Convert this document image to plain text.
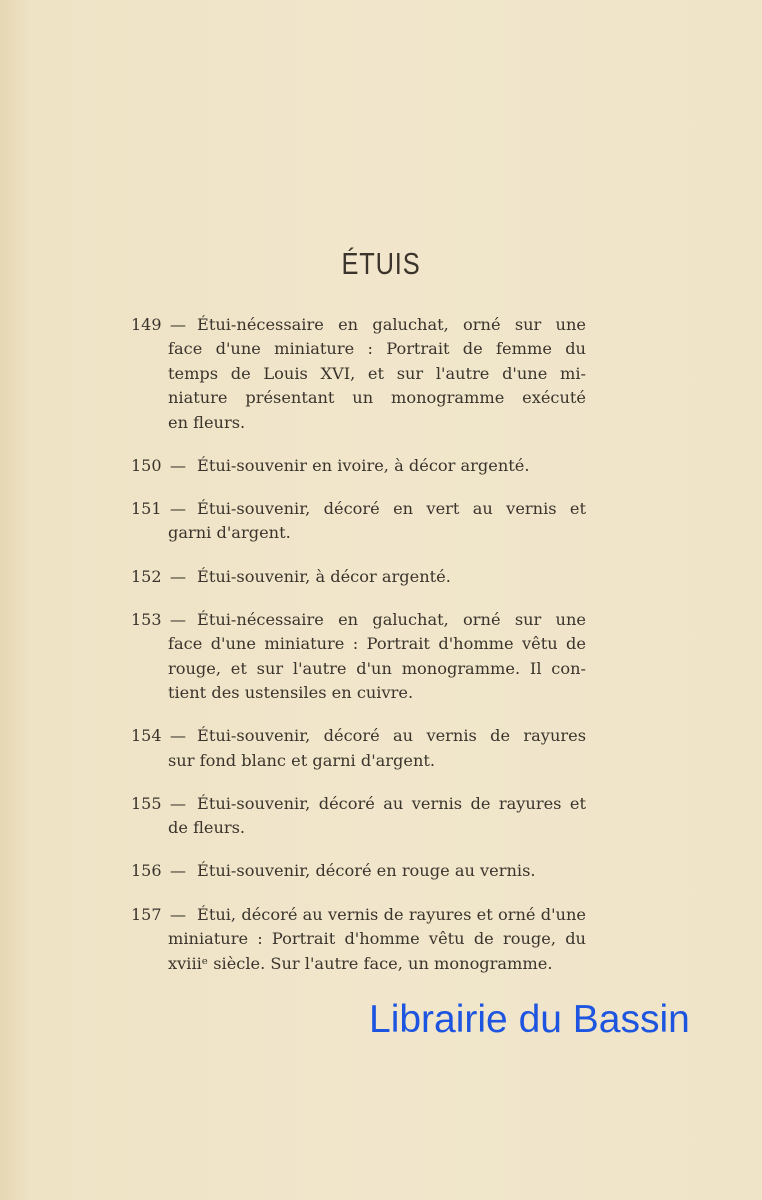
ÉTUIS
149 — Étui-nécessaire en galuchat, orné sur une
face d'une miniature : Portrait de femme du
temps de Louis XVI, et sur l'autre d'une mi-
niature présentant un monogramme exécuté
en fleurs.
150 — Étui-souvenir en ivoire, à décor argenté.
151 — Étui-souvenir, décoré en vert au vernis et
garni d'argent.
152 — Étui-souvenir, à décor argenté.
153 — Étui-nécessaire en galuchat, orné sur une
face d'une miniature : Portrait d'homme vêtu de
rouge, et sur l'autre d'un monogramme. Il con-
tient des ustensiles en cuivre.
154 — Étui-souvenir, décoré au vernis de rayures
sur fond blanc et garni d'argent.
155 — Étui-souvenir, décoré au vernis de rayures et
de fleurs.
156 — Étui-souvenir, décoré en rouge au vernis.
157 — Étui, décoré au vernis de rayures et orné d'une
miniature : Portrait d'homme vêtu de rouge, du
xviiiᵉ siècle. Sur l'autre face, un monogramme.
Librairie du Bassin
